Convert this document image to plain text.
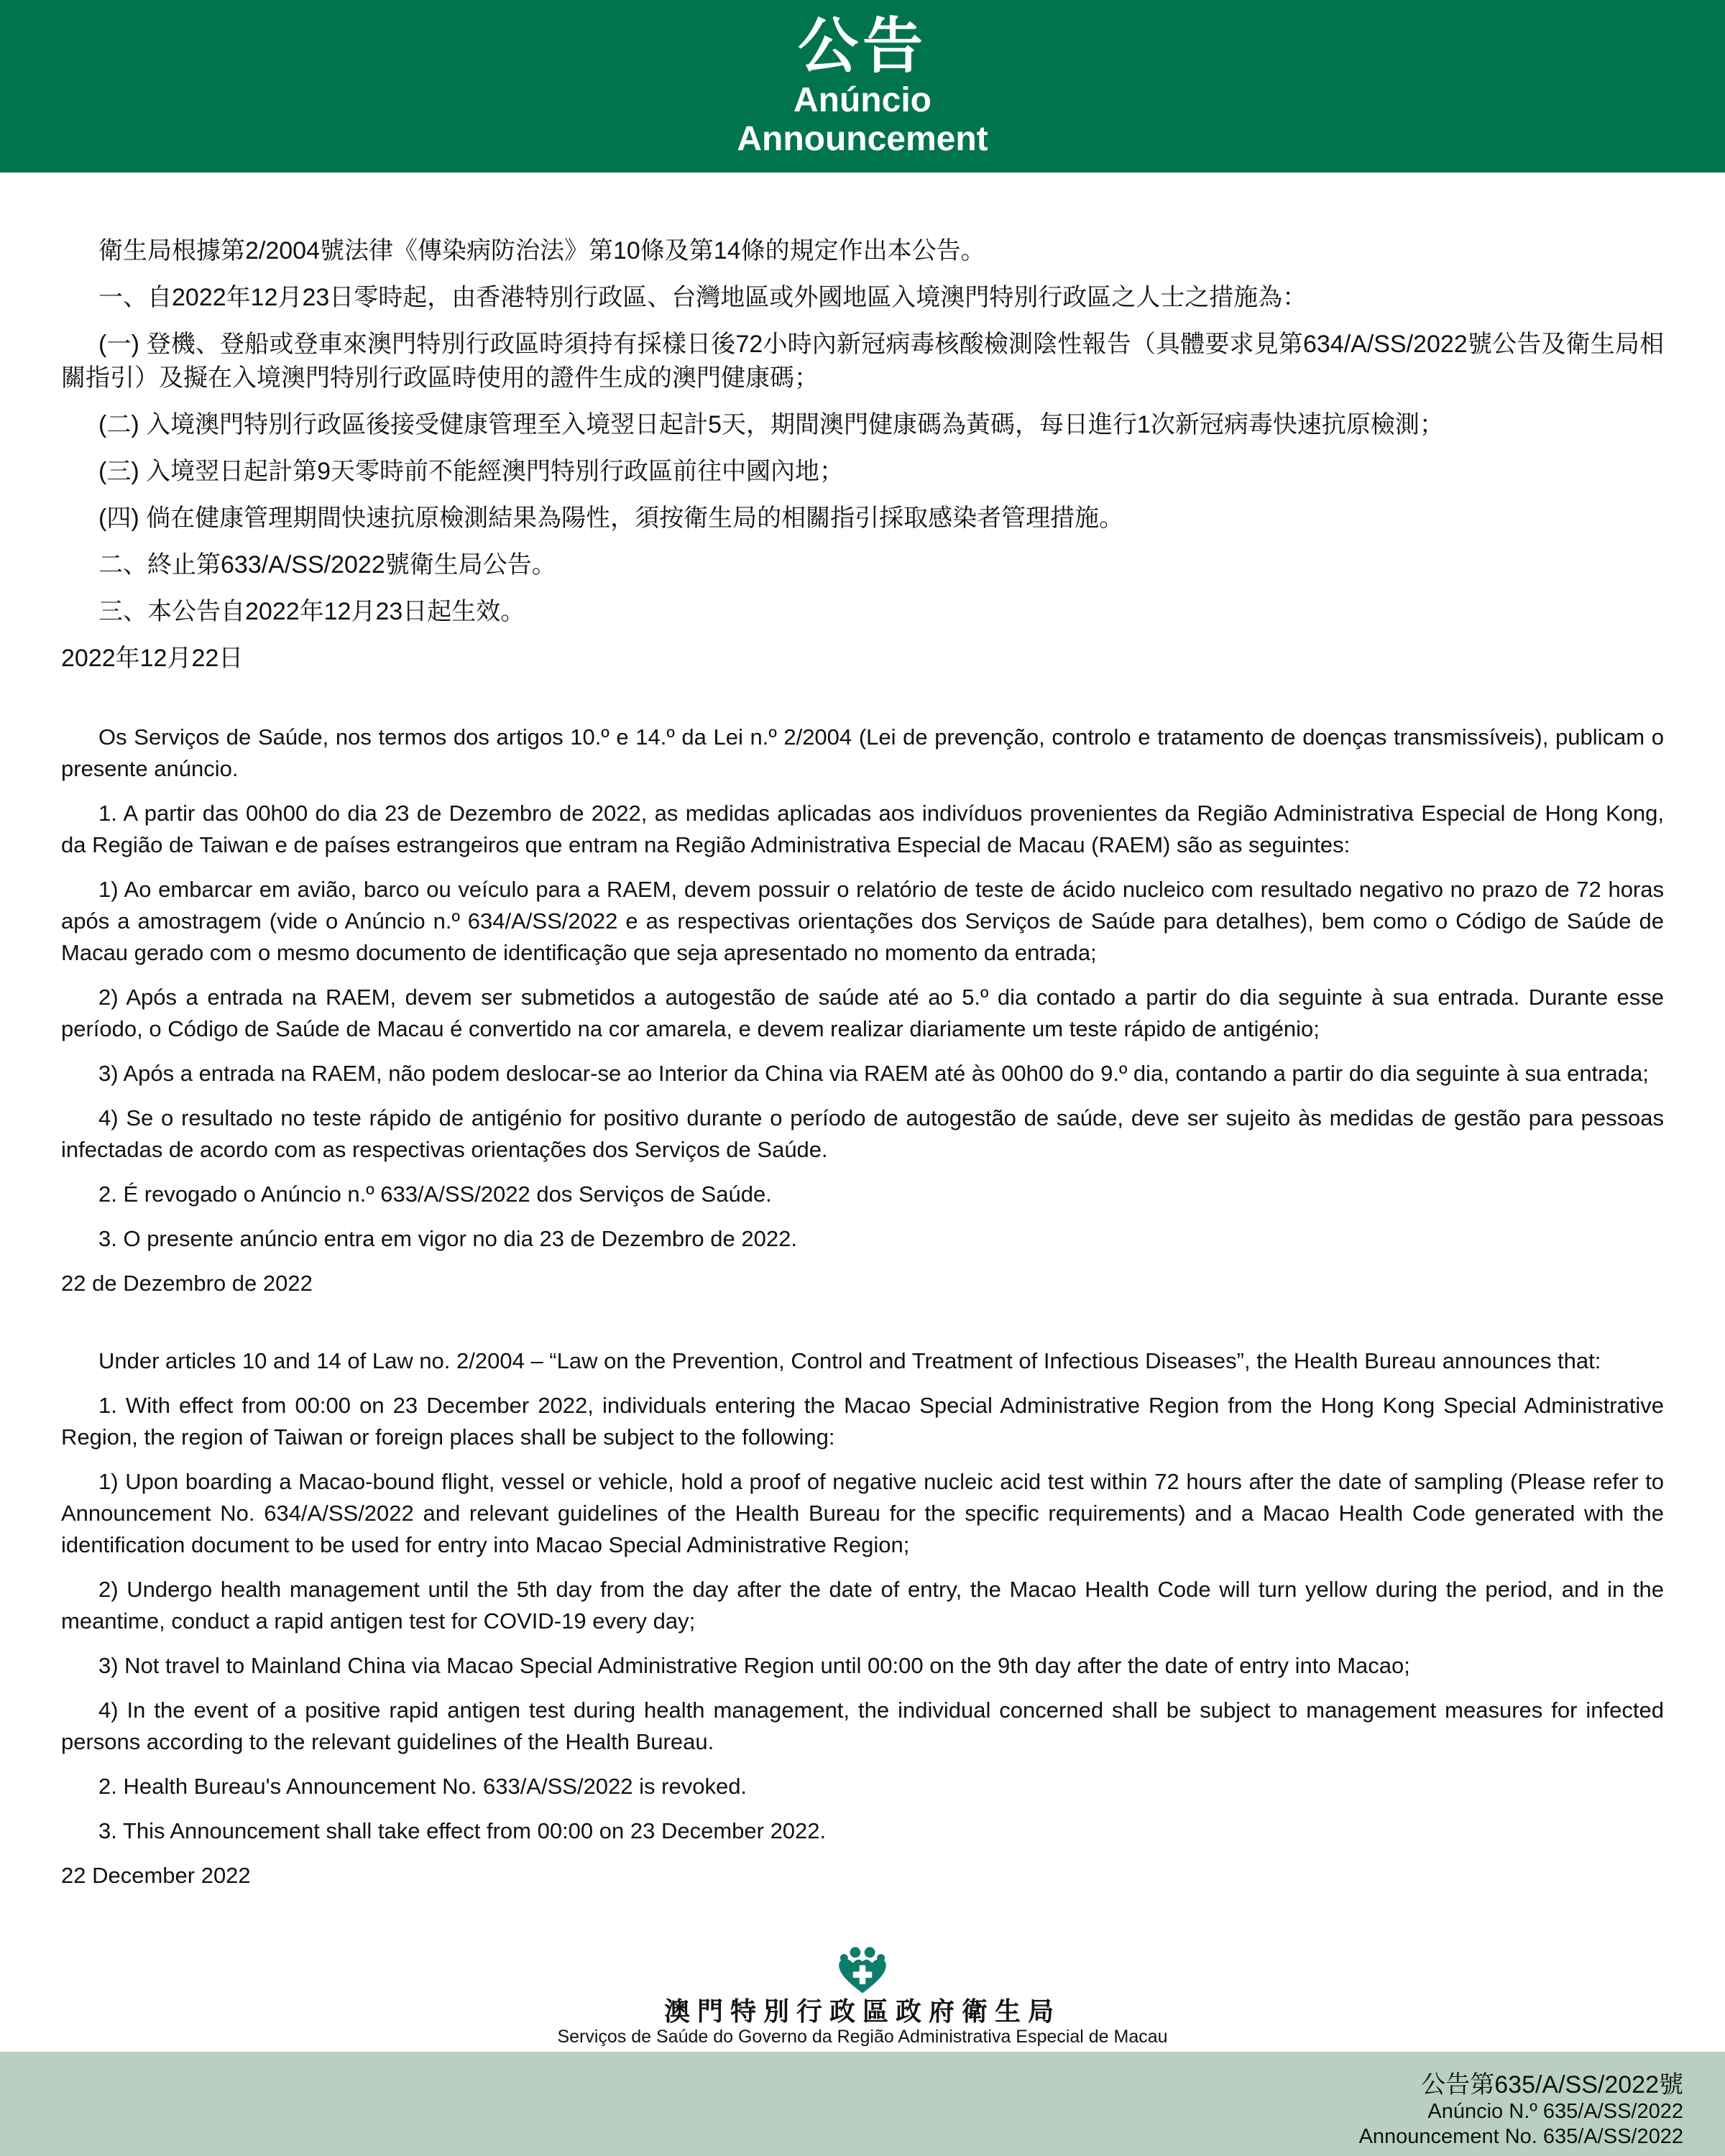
公告
Anúncio
Announcement

衛生局根據第2/2004號法律《傳染病防治法》第10條及第14條的規定作出本公告。

一、自2022年12月23日零時起，由香港特別行政區、台灣地區或外國地區入境澳門特別行政區之人士之措施為：

(一) 登機、登船或登車來澳門特別行政區時須持有採樣日後72小時內新冠病毒核酸檢測陰性報告（具體要求見第634/A/SS/2022號公告及衛生局相關指引）及擬在入境澳門特別行政區時使用的證件生成的澳門健康碼；

(二) 入境澳門特別行政區後接受健康管理至入境翌日起計5天，期間澳門健康碼為黃碼，每日進行1次新冠病毒快速抗原檢測；

(三) 入境翌日起計第9天零時前不能經澳門特別行政區前往中國內地；

(四) 倘在健康管理期間快速抗原檢測結果為陽性，須按衛生局的相關指引採取感染者管理措施。

二、終止第633/A/SS/2022號衛生局公告。

三、本公告自2022年12月23日起生效。

2022年12月22日

Os Serviços de Saúde, nos termos dos artigos 10.º e 14.º da Lei n.º 2/2004 (Lei de prevenção, controlo e tratamento de doenças transmissíveis), publicam o presente anúncio.

1. A partir das 00h00 do dia 23 de Dezembro de 2022, as medidas aplicadas aos indivíduos provenientes da Região Administrativa Especial de Hong Kong, da Região de Taiwan e de países estrangeiros que entram na Região Administrativa Especial de Macau (RAEM) são as seguintes:

1) Ao embarcar em avião, barco ou veículo para a RAEM, devem possuir o relatório de teste de ácido nucleico com resultado negativo no prazo de 72 horas após a amostragem (vide o Anúncio n.º 634/A/SS/2022 e as respectivas orientações dos Serviços de Saúde para detalhes), bem como o Código de Saúde de Macau gerado com o mesmo documento de identificação que seja apresentado no momento da entrada;

2) Após a entrada na RAEM, devem ser submetidos a autogestão de saúde até ao 5.º dia contado a partir do dia seguinte à sua entrada. Durante esse período, o Código de Saúde de Macau é convertido na cor amarela, e devem realizar diariamente um teste rápido de antigénio;

3) Após a entrada na RAEM, não podem deslocar-se ao Interior da China via RAEM até às 00h00 do 9.º dia, contando a partir do dia seguinte à sua entrada;

4) Se o resultado no teste rápido de antigénio for positivo durante o período de autogestão de saúde, deve ser sujeito às medidas de gestão para pessoas infectadas de acordo com as respectivas orientações dos Serviços de Saúde.

2. É revogado o Anúncio n.º 633/A/SS/2022 dos Serviços de Saúde.

3. O presente anúncio entra em vigor no dia 23 de Dezembro de 2022.

22 de Dezembro de 2022

Under articles 10 and 14 of Law no. 2/2004 – “Law on the Prevention, Control and Treatment of Infectious Diseases”, the Health Bureau announces that:

1. With effect from 00:00 on 23 December 2022, individuals entering the Macao Special Administrative Region from the Hong Kong Special Administrative Region, the region of Taiwan or foreign places shall be subject to the following:

1) Upon boarding a Macao-bound flight, vessel or vehicle, hold a proof of negative nucleic acid test within 72 hours after the date of sampling (Please refer to Announcement No. 634/A/SS/2022 and relevant guidelines of the Health Bureau for the specific requirements) and a Macao Health Code generated with the identification document to be used for entry into Macao Special Administrative Region;

2) Undergo health management until the 5th day from the day after the date of entry, the Macao Health Code will turn yellow during the period, and in the meantime, conduct a rapid antigen test for COVID-19 every day;

3) Not travel to Mainland China via Macao Special Administrative Region until 00:00 on the 9th day after the date of entry into Macao;

4) In the event of a positive rapid antigen test during health management, the individual concerned shall be subject to management measures for infected persons according to the relevant guidelines of the Health Bureau.

2. Health Bureau's Announcement No. 633/A/SS/2022 is revoked.

3. This Announcement shall take effect from 00:00 on 23 December 2022.

22 December 2022

澳門特別行政區政府衛生局
Serviços de Saúde do Governo da Região Administrativa Especial de Macau
公告第635/A/SS/2022號
Anúncio N.º 635/A/SS/2022
Announcement No. 635/A/SS/2022
